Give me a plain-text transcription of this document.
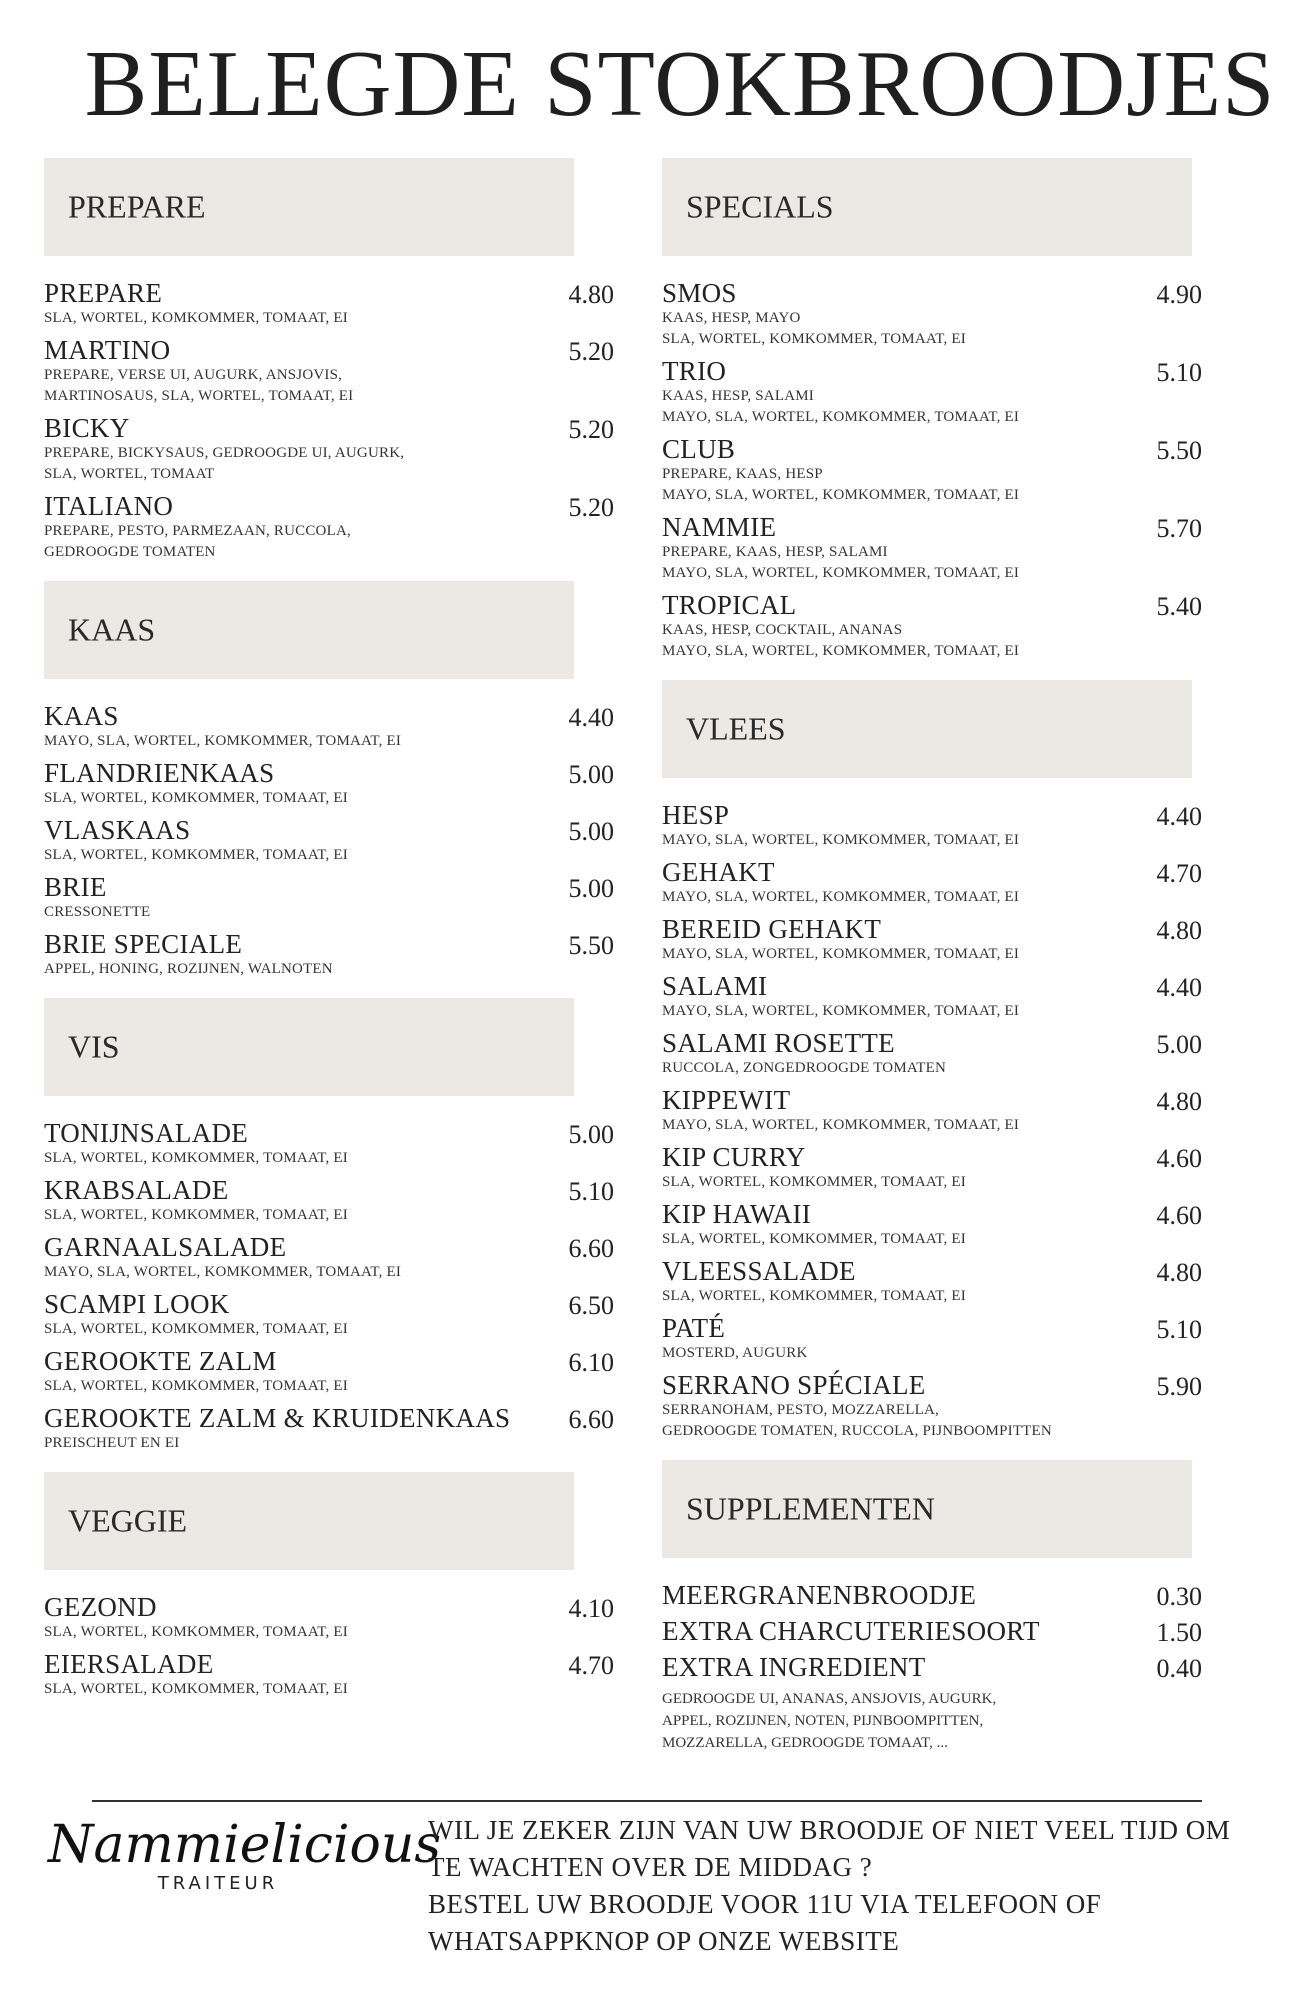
BELEGDE STOKBROODJES
PREPARE
PREPARE
SLA, WORTEL, KOMKOMMER, TOMAAT, EI
4.80
MARTINO
PREPARE, VERSE UI, AUGURK, ANSJOVIS,
MARTINOSAUS, SLA, WORTEL, TOMAAT, EI
5.20
BICKY
PREPARE, BICKYSAUS, GEDROOGDE UI, AUGURK,
SLA, WORTEL, TOMAAT
5.20
ITALIANO
PREPARE, PESTO, PARMEZAAN, RUCCOLA,
GEDROOGDE TOMATEN
5.20
KAAS
KAAS
MAYO, SLA, WORTEL, KOMKOMMER, TOMAAT, EI
4.40
FLANDRIENKAAS
SLA, WORTEL, KOMKOMMER, TOMAAT, EI
5.00
VLASKAAS
SLA, WORTEL, KOMKOMMER, TOMAAT, EI
5.00
BRIE
CRESSONETTE
5.00
BRIE SPECIALE
APPEL, HONING, ROZIJNEN, WALNOTEN
5.50
VIS
TONIJNSALADE
SLA, WORTEL, KOMKOMMER, TOMAAT, EI
5.00
KRABSALADE
SLA, WORTEL, KOMKOMMER, TOMAAT, EI
5.10
GARNAALSALADE
MAYO, SLA, WORTEL, KOMKOMMER, TOMAAT, EI
6.60
SCAMPI LOOK
SLA, WORTEL, KOMKOMMER, TOMAAT, EI
6.50
GEROOKTE ZALM
SLA, WORTEL, KOMKOMMER, TOMAAT, EI
6.10
GEROOKTE ZALM & KRUIDENKAAS
PREISCHEUT EN EI
6.60
VEGGIE
GEZOND
SLA, WORTEL, KOMKOMMER, TOMAAT, EI
4.10
EIERSALADE
SLA, WORTEL, KOMKOMMER, TOMAAT, EI
4.70
SPECIALS
SMOS
KAAS, HESP, MAYO
SLA, WORTEL, KOMKOMMER, TOMAAT, EI
4.90
TRIO
KAAS, HESP, SALAMI
MAYO, SLA, WORTEL, KOMKOMMER, TOMAAT, EI
5.10
CLUB
PREPARE, KAAS, HESP
MAYO, SLA, WORTEL, KOMKOMMER, TOMAAT, EI
5.50
NAMMIE
PREPARE, KAAS, HESP, SALAMI
MAYO, SLA, WORTEL, KOMKOMMER, TOMAAT, EI
5.70
TROPICAL
KAAS, HESP, COCKTAIL, ANANAS
MAYO, SLA, WORTEL, KOMKOMMER, TOMAAT, EI
5.40
VLEES
HESP
MAYO, SLA, WORTEL, KOMKOMMER, TOMAAT, EI
4.40
GEHAKT
MAYO, SLA, WORTEL, KOMKOMMER, TOMAAT, EI
4.70
BEREID GEHAKT
MAYO, SLA, WORTEL, KOMKOMMER, TOMAAT, EI
4.80
SALAMI
MAYO, SLA, WORTEL, KOMKOMMER, TOMAAT, EI
4.40
SALAMI ROSETTE
RUCCOLA, ZONGEDROOGDE TOMATEN
5.00
KIPPEWIT
MAYO, SLA, WORTEL, KOMKOMMER, TOMAAT, EI
4.80
KIP CURRY
SLA, WORTEL, KOMKOMMER, TOMAAT, EI
4.60
KIP HAWAII
SLA, WORTEL, KOMKOMMER, TOMAAT, EI
4.60
VLEESSALADE
SLA, WORTEL, KOMKOMMER, TOMAAT, EI
4.80
PATÉ
MOSTERD, AUGURK
5.10
SERRANO SPÉCIALE
SERRANOHAM, PESTO, MOZZARELLA,
GEDROOGDE TOMATEN, RUCCOLA, PIJNBOOMPITTEN
5.90
SUPPLEMENTEN
MEERGRANENBROODJE	0.30
EXTRA CHARCUTERIESOORT	1.50
EXTRA INGREDIENT	0.40
GEDROOGDE UI, ANANAS, ANSJOVIS, AUGURK,
APPEL, ROZIJNEN, NOTEN, PIJNBOOMPITTEN,
MOZZARELLA, GEDROOGDE TOMAAT, ...
Nammielicious
TRAITEUR
WIL JE ZEKER ZIJN VAN UW BROODJE OF NIET VEEL TIJD OM
TE WACHTEN OVER DE MIDDAG ?
BESTEL UW BROODJE VOOR 11U VIA TELEFOON OF
WHATSAPPKNOP OP ONZE WEBSITE
